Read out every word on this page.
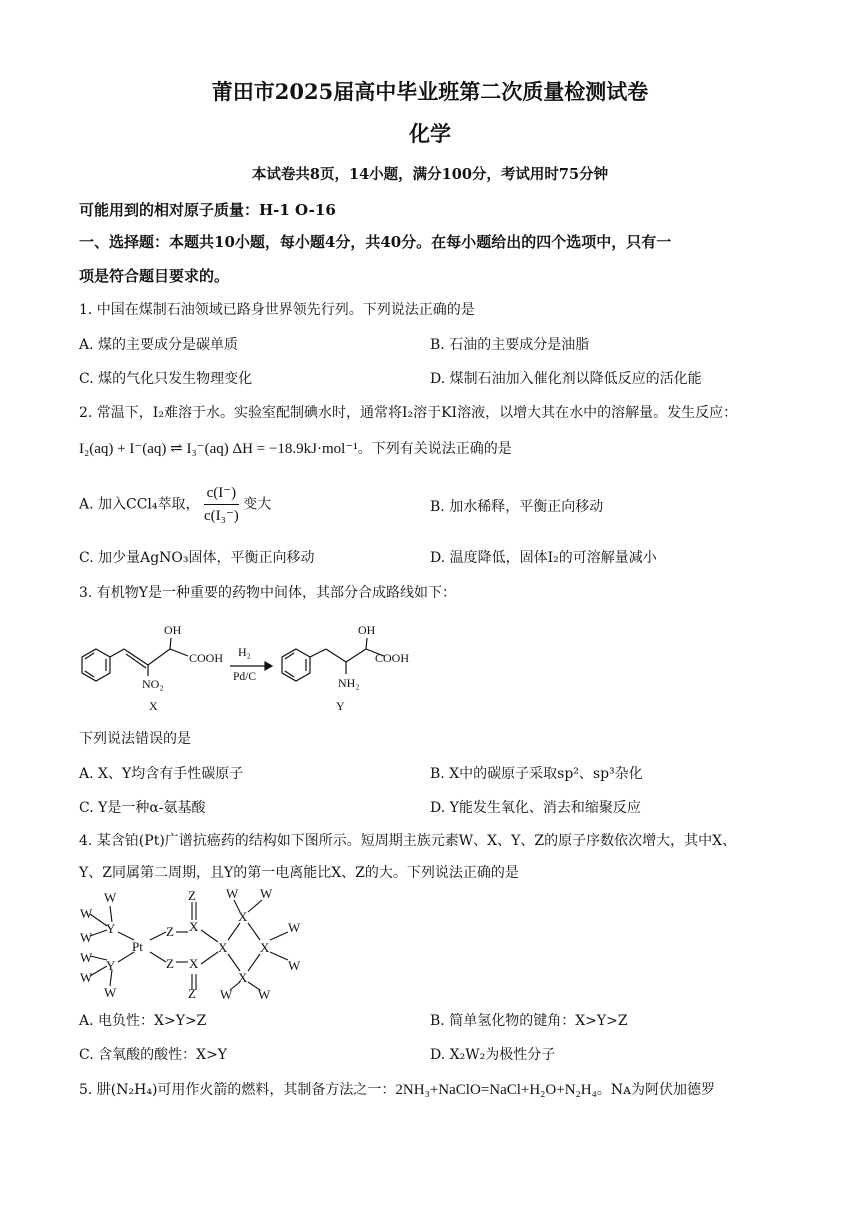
莆田市2025届高中毕业班第二次质量检测试卷
化学
本试卷共8页，14小题，满分100分，考试用时75分钟
可能用到的相对原子质量：H-1 O-16
一、选择题：本题共10小题，每小题4分，共40分。在每小题给出的四个选项中，只有一
项是符合题目要求的。
1. 中国在煤制石油领域已路身世界领先行列。下列说法正确的是
A. 煤的主要成分是碳单质	B. 石油的主要成分是油脂
C. 煤的气化只发生物理变化	D. 煤制石油加入催化剂以降低反应的活化能
2. 常温下，I₂难溶于水。实验室配制碘水时，通常将I₂溶于KI溶液，以增大其在水中的溶解量。发生反应：
I₂(aq) + I⁻(aq) ⇌ I₃⁻(aq) ΔH = −18.9kJ·mol⁻¹。下列有关说法正确的是
A. 加入CCl₄萃取， $\frac{c(I^-)}{\text{c(I₃⁻)}}$ 变大	B. 加水稀释，平衡正向移动
C. 加少量AgNO₃固体，平衡正向移动	D. 温度降低，固体I₂的可溶解量减小
3. 有机物Y是一种重要的药物中间体，其部分合成路线如下：
OH
COOH
NO₂
H₂
Pd/C
OH
COOH
NH₂
X	Y
下列说法错误的是
A. X、Y均含有手性碳原子	B. X中的碳原子采取sp²、sp³杂化
C. Y是一种α-氨基酸	D. Y能发生氧化、消去和缩聚反应
4. 某含铂(Pt)广谱抗癌药的结构如下图所示。短周期主族元素W、X、Y、Z的原子序数依次增大，其中X、
Y、Z同属第二周期，且Y的第一电离能比X、Z的大。下列说法正确的是
W
W
W
Y
Pt
W
W
Y
W
Z
Z
X
X
Z
Z
X
X
X
X
W W
W
W
W W
A. 电负性：X>Y>Z	B. 简单氢化物的键角：X>Y>Z
C. 含氧酸的酸性：X>Y	D. X₂W₂为极性分子
5. 肼(N₂H₄)可用作火箭的燃料，其制备方法之一：2NH₃+NaClO=NaCl+H₂O+N₂H₄。Nᴀ为阿伏加德罗
